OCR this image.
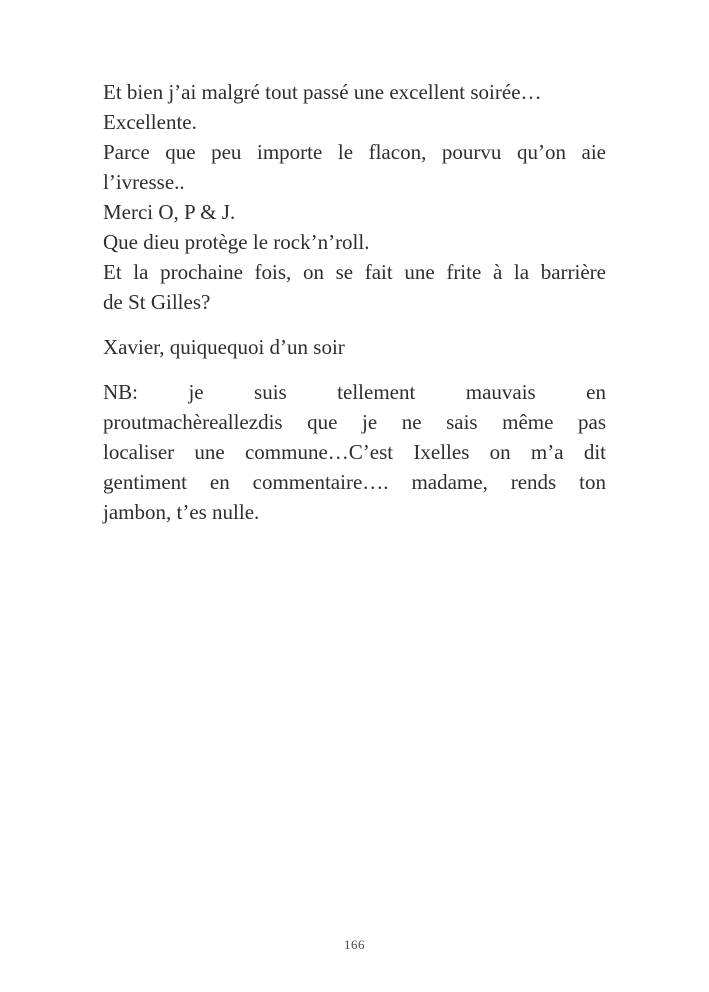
Et bien j’ai malgré tout passé une excellent soirée…
Excellente.
Parce que peu importe le flacon, pourvu qu’on aie
l’ivresse..
Merci O, P & J.
Que dieu protège le rock’n’roll.
Et la prochaine fois, on se fait une frite à la barrière
de St Gilles?

Xavier, quiquequoi d’un soir

NB: je suis tellement mauvais en
proutmachèreallezdis que je ne sais même pas
localiser une commune…C’est Ixelles on m’a dit
gentiment en commentaire…. madame, rends ton
jambon, t’es nulle.

166
